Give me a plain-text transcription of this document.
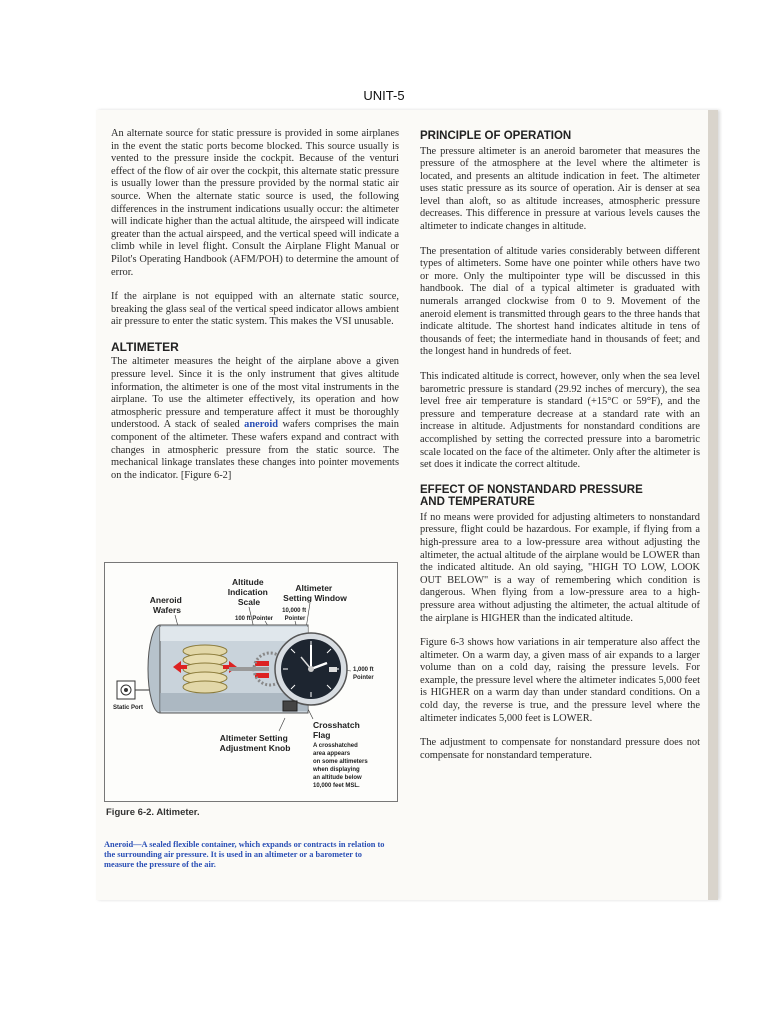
UNIT-5

An alternate source for static pressure is provided in some airplanes in the event the static ports become blocked. This source usually is vented to the pressure inside the cockpit. Because of the venturi effect of the flow of air over the cockpit, this alternate static pressure is usually lower than the pressure provided by the normal static air source. When the alternate static source is used, the following differences in the instrument indications usually occur: the altimeter will indicate higher than the actual altitude, the airspeed will indicate greater than the actual airspeed, and the vertical speed will indicate a climb while in level flight. Consult the Airplane Flight Manual or Pilot's Operating Handbook (AFM/POH) to determine the amount of error.

If the airplane is not equipped with an alternate static source, breaking the glass seal of the vertical speed indicator allows ambient air pressure to enter the static system. This makes the VSI unusable.

ALTIMETER

The altimeter measures the height of the airplane above a given pressure level. Since it is the only instrument that gives altitude information, the altimeter is one of the most vital instruments in the airplane. To use the altimeter effectively, its operation and how atmospheric pressure and temperature affect it must be thoroughly understood. A stack of sealed aneroid wafers comprises the main component of the altimeter. These wafers expand and contract with changes in atmospheric pressure from the static source. The mechanical linkage translates these changes into pointer movements on the indicator. [Figure 6-2]

Altitude Indication Scale
Altimeter Setting Window
Aneroid Wafers
100 ft Pointer
10,000 ft Pointer
Static Port
1,000 ft Pointer
Crosshatch Flag
Altimeter Setting Adjustment Knob	A crosshatched area appears on some altimeters when displaying an altitude below 10,000 feet MSL.
Figure 6-2. Altimeter.
Aneroid—A sealed flexible container, which expands or contracts in relation to the surrounding air pressure. It is used in an altimeter or a barometer to measure the pressure of the air.
PRINCIPLE OF OPERATION

The pressure altimeter is an aneroid barometer that measures the pressure of the atmosphere at the level where the altimeter is located, and presents an altitude indication in feet. The altimeter uses static pressure as its source of operation. Air is denser at sea level than aloft, so as altitude increases, atmospheric pressure decreases. This difference in pressure at various levels causes the altimeter to indicate changes in altitude.

The presentation of altitude varies considerably between different types of altimeters. Some have one pointer while others have two or more. Only the multipointer type will be discussed in this handbook. The dial of a typical altimeter is graduated with numerals arranged clockwise from 0 to 9. Movement of the aneroid element is transmitted through gears to the three hands that indicate altitude. The shortest hand indicates altitude in tens of thousands of feet; the intermediate hand in thousands of feet; and the longest hand in hundreds of feet.

This indicated altitude is correct, however, only when the sea level barometric pressure is standard (29.92 inches of mercury), the sea level free air temperature is standard (+15°C or 59°F), and the pressure and temperature decrease at a standard rate with an increase in altitude. Adjustments for nonstandard conditions are accomplished by setting the corrected pressure into a barometric scale located on the face of the altimeter. Only after the altimeter is set does it indicate the correct altitude.

EFFECT OF NONSTANDARD PRESSURE
AND TEMPERATURE

If no means were provided for adjusting altimeters to nonstandard pressure, flight could be hazardous. For example, if flying from a high-pressure area to a low-pressure area without adjusting the altimeter, the actual altitude of the airplane would be LOWER than the indicated altitude. An old saying, "HIGH TO LOW, LOOK OUT BELOW" is a way of remembering which condition is dangerous. When flying from a low-pressure area to a high-pressure area without adjusting the altimeter, the actual altitude of the airplane is HIGHER than the indicated altitude.

Figure 6-3 shows how variations in air temperature also affect the altimeter. On a warm day, a given mass of air expands to a larger volume than on a cold day, raising the pressure levels. For example, the pressure level where the altimeter indicates 5,000 feet is HIGHER on a warm day than under standard conditions. On a cold day, the reverse is true, and the pressure level where the altimeter indicates 5,000 feet is LOWER.

The adjustment to compensate for nonstandard pressure does not compensate for nonstandard temperature.
